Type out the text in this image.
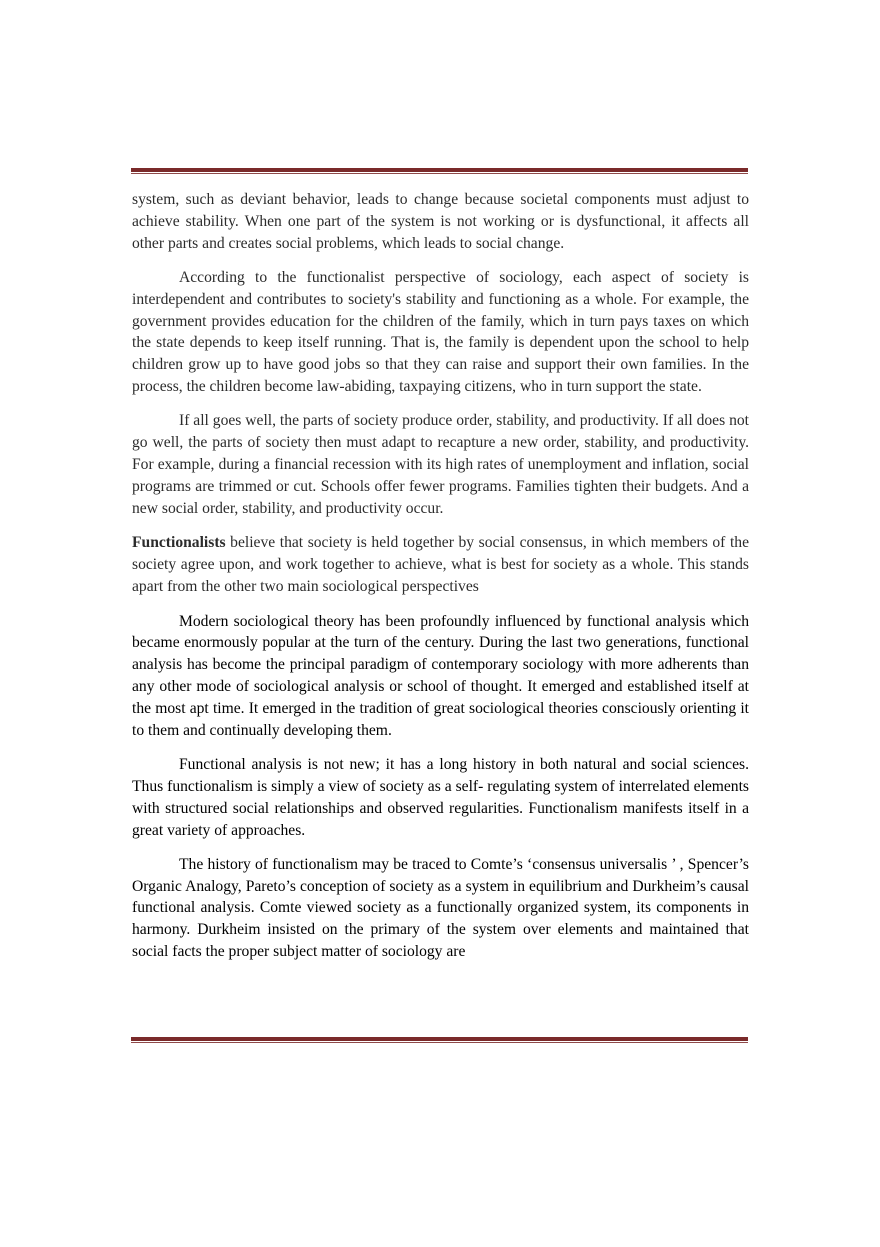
system, such as deviant behavior, leads to change because societal components must adjust to achieve stability. When one part of the system is not working or is dysfunctional, it affects all other parts and creates social problems, which leads to social change.

According to the functionalist perspective of sociology, each aspect of society is interdependent and contributes to society's stability and functioning as a whole. For example, the government provides education for the children of the family, which in turn pays taxes on which the state depends to keep itself running. That is, the family is dependent upon the school to help children grow up to have good jobs so that they can raise and support their own families. In the process, the children become law-abiding, taxpaying citizens, who in turn support the state.

If all goes well, the parts of society produce order, stability, and productivity. If all does not go well, the parts of society then must adapt to recapture a new order, stability, and productivity. For example, during a financial recession with its high rates of unemployment and inflation, social programs are trimmed or cut. Schools offer fewer programs. Families tighten their budgets. And a new social order, stability, and productivity occur.

Functionalists believe that society is held together by social consensus, in which members of the society agree upon, and work together to achieve, what is best for society as a whole. This stands apart from the other two main sociological perspectives

Modern sociological theory has been profoundly influenced by functional analysis which became enormously popular at the turn of the century. During the last two generations, functional analysis has become the principal paradigm of contemporary sociology with more adherents than any other mode of sociological analysis or school of thought. It emerged and established itself at the most apt time. It emerged in the tradition of great sociological theories consciously orienting it to them and continually developing them.

Functional analysis is not new; it has a long history in both natural and social sciences. Thus functionalism is simply a view of society as a self- regulating system of interrelated elements with structured social relationships and observed regularities. Functionalism manifests itself in a great variety of approaches.

The history of functionalism may be traced to Comte’s ‘consensus universalis ’ , Spencer’s Organic Analogy, Pareto’s conception of society as a system in equilibrium and Durkheim’s causal functional analysis. Comte viewed society as a functionally organized system, its components in harmony. Durkheim insisted on the primary of the system over elements and maintained that social facts the proper subject matter of sociology are
